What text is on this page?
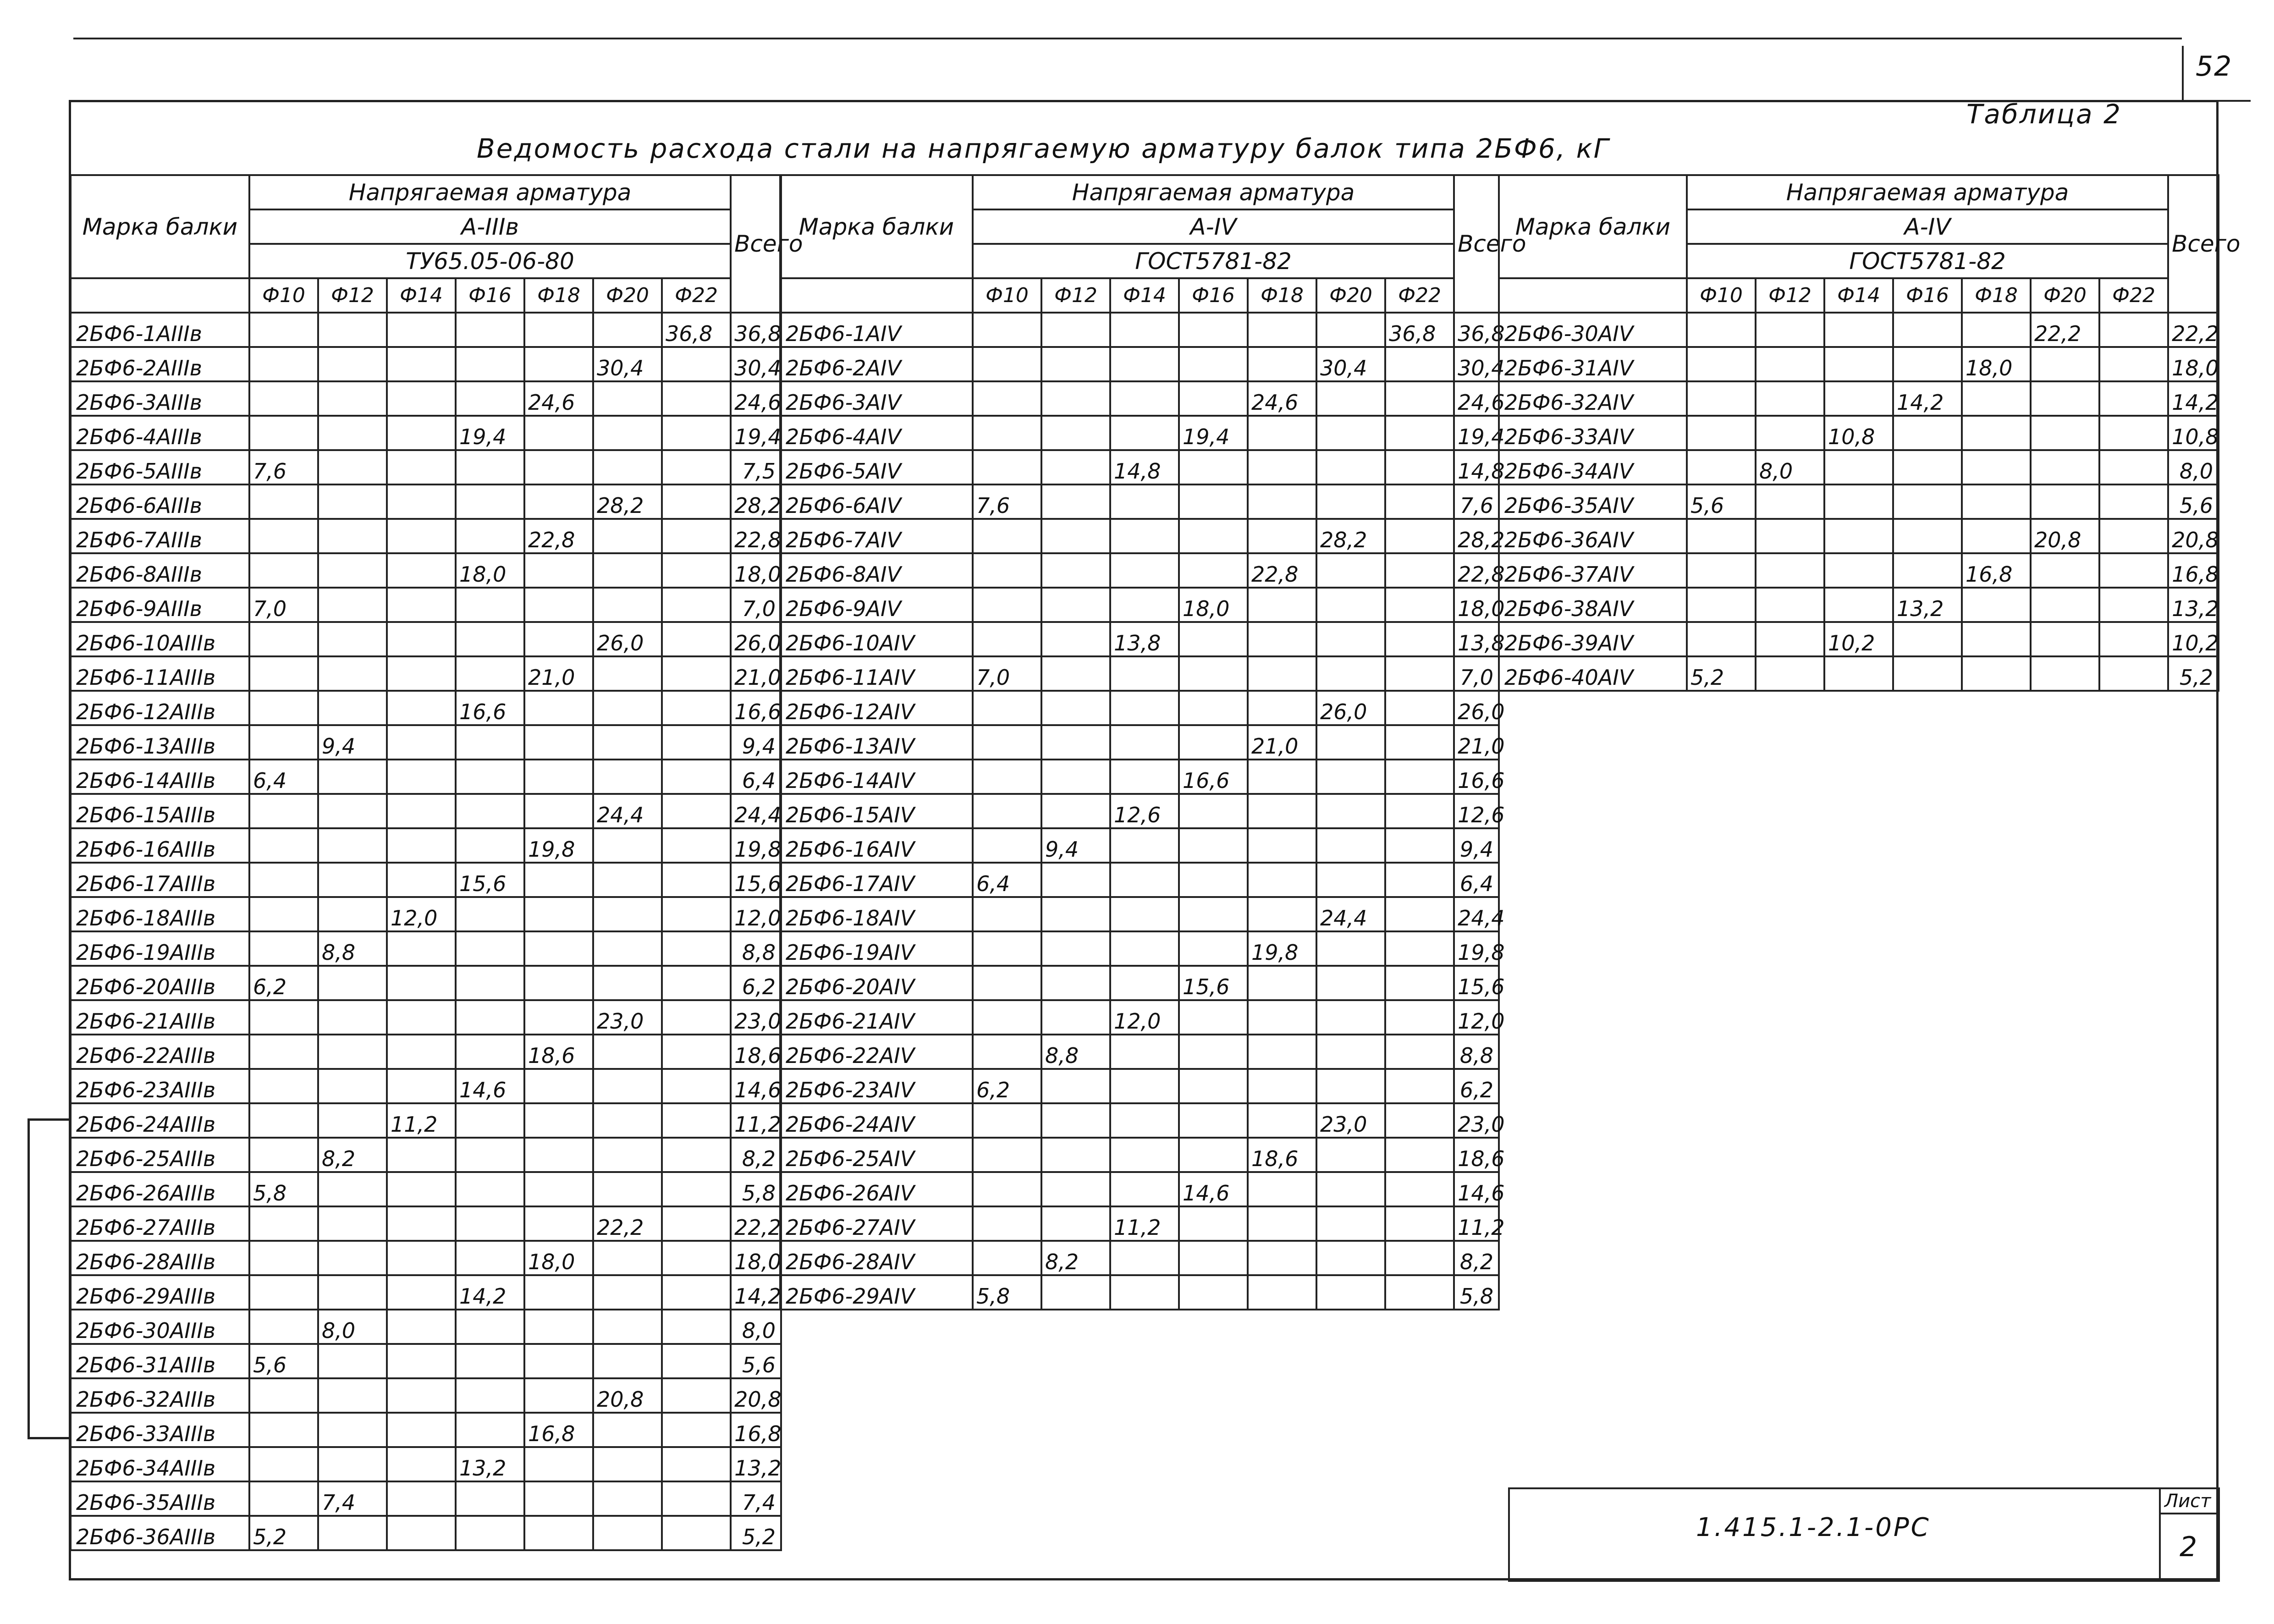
52
Таблица 2
Ведомость расхода стали на напрягаемую арматуру балок типа 2БФ6, кГ
Марка балки	Напрягаемая арматура							Всего
	А-IIIв							
	ТУ65.05-06-80							
	Ф10	Ф12	Ф14	Ф16	Ф18	Ф20	Ф22	
2БФ6-1АIIIв							36,8	36,8
2БФ6-2АIIIв						30,4		30,4
2БФ6-3АIIIв					24,6			24,6
2БФ6-4АIIIв				19,4				19,4
2БФ6-5АIIIв	7,6							7,5
2БФ6-6АIIIв						28,2		28,2
2БФ6-7АIIIв					22,8			22,8
2БФ6-8АIIIв				18,0				18,0
2БФ6-9АIIIв	7,0							7,0
2БФ6-10АIIIв						26,0		26,0
2БФ6-11АIIIв					21,0			21,0
2БФ6-12АIIIв				16,6				16,6
2БФ6-13АIIIв		9,4						9,4
2БФ6-14АIIIв	6,4							6,4
2БФ6-15АIIIв						24,4		24,4
2БФ6-16АIIIв					19,8			19,8
2БФ6-17АIIIв				15,6				15,6
2БФ6-18АIIIв			12,0					12,0
2БФ6-19АIIIв		8,8						8,8
2БФ6-20АIIIв	6,2							6,2
2БФ6-21АIIIв						23,0		23,0
2БФ6-22АIIIв					18,6			18,6
2БФ6-23АIIIв				14,6				14,6
2БФ6-24АIIIв			11,2					11,2
2БФ6-25АIIIв		8,2						8,2
2БФ6-26АIIIв	5,8							5,8
2БФ6-27АIIIв						22,2		22,2
2БФ6-28АIIIв					18,0			18,0
2БФ6-29АIIIв				14,2				14,2
2БФ6-30АIIIв		8,0						8,0
2БФ6-31АIIIв	5,6							5,6
2БФ6-32АIIIв						20,8		20,8
2БФ6-33АIIIв					16,8			16,8
2БФ6-34АIIIв				13,2				13,2
2БФ6-35АIIIв		7,4						7,4
2БФ6-36АIIIв	5,2							5,2
Марка балки	Напрягаемая арматура							Всего
	А-IV							
	ГОСТ5781-82							
	Ф10	Ф12	Ф14	Ф16	Ф18	Ф20	Ф22	
2БФ6-1АIV							36,8	36,8
2БФ6-2АIV						30,4		30,4
2БФ6-3АIV					24,6			24,6
2БФ6-4АIV				19,4				19,4
2БФ6-5АIV			14,8					14,8
2БФ6-6АIV	7,6							7,6
2БФ6-7АIV						28,2		28,2
2БФ6-8АIV					22,8			22,8
2БФ6-9АIV				18,0				18,0
2БФ6-10АIV			13,8					13,8
2БФ6-11АIV	7,0							7,0
2БФ6-12АIV						26,0		26,0
2БФ6-13АIV					21,0			21,0
2БФ6-14АIV				16,6				16,6
2БФ6-15АIV			12,6					12,6
2БФ6-16АIV		9,4						9,4
2БФ6-17АIV	6,4							6,4
2БФ6-18АIV						24,4		24,4
2БФ6-19АIV					19,8			19,8
2БФ6-20АIV				15,6				15,6
2БФ6-21АIV			12,0					12,0
2БФ6-22АIV		8,8						8,8
2БФ6-23АIV	6,2							6,2
2БФ6-24АIV						23,0		23,0
2БФ6-25АIV					18,6			18,6
2БФ6-26АIV				14,6				14,6
2БФ6-27АIV			11,2					11,2
2БФ6-28АIV		8,2						8,2
2БФ6-29АIV	5,8							5,8
Марка балки	Напрягаемая арматура							Всего
	А-IV							
	ГОСТ5781-82							
	Ф10	Ф12	Ф14	Ф16	Ф18	Ф20	Ф22	
2БФ6-30АIV						22,2		22,2
2БФ6-31АIV					18,0			18,0
2БФ6-32АIV				14,2				14,2
2БФ6-33АIV			10,8					10,8
2БФ6-34АIV		8,0						8,0
2БФ6-35АIV	5,6							5,6
2БФ6-36АIV						20,8		20,8
2БФ6-37АIV					16,8			16,8
2БФ6-38АIV				13,2				13,2
2БФ6-39АIV			10,2					10,2
2БФ6-40АIV	5,2							5,2
1.415.1-2.1-0РС
Лист
2
